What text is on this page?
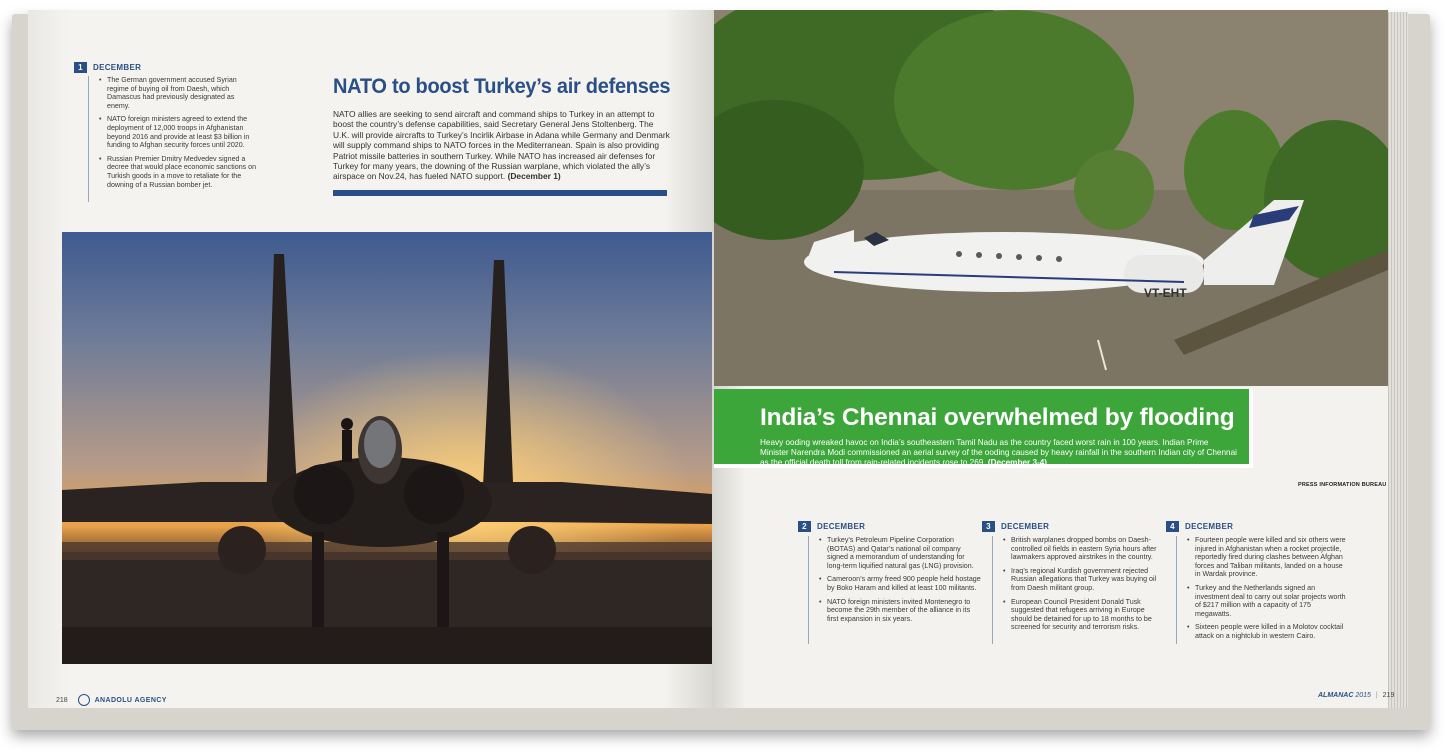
1 DECEMBER
• The German government accused Syrian regime of buying oil from Daesh, which Damascus had previously designated as enemy.
• NATO foreign ministers agreed to extend the deployment of 12,000 troops in Afghanistan beyond 2016 and provide at least $3 billion in funding to Afghan security forces until 2020.
• Russian Premier Dmitry Medvedev signed a decree that would place economic sanctions on Turkish goods in a move to retaliate for the downing of a Russian bomber jet.
NATO to boost Turkey’s air defenses
NATO allies are seeking to send aircraft and command ships to Turkey in an attempt to boost the country’s defense capabilities, said Secretary General Jens Stoltenberg. The U.K. will provide aircrafts to Turkey’s Incirlik Airbase in Adana while Germany and Denmark will supply command ships to NATO forces in the Mediterranean. Spain is also providing Patriot missile batteries in southern Turkey. While NATO has increased air defenses for Turkey for many years, the downing of the Russian warplane, which violated the ally’s airspace on Nov.24, has fueled NATO support. (December 1)
218	ANADOLU AGENCY
VT-EHT
India’s Chennai overwhelmed by flooding
Heavy ooding wreaked havoc on India’s southeastern Tamil Nadu as the country faced worst rain in 100 years. Indian Prime Minister Narendra Modi commissioned an aerial survey of the ooding caused by heavy rainfall in the southern Indian city of Chennai as the official death toll from rain-related incidents rose to 269. (December 3-4)
PRESS INFORMATION BUREAU
2 DECEMBER
• Turkey’s Petroleum Pipeline Corporation (BOTAS) and Qatar’s national oil company signed a memorandum of understanding for long-term liquified natural gas (LNG) provision.
• Cameroon’s army freed 900 people held hostage by Boko Haram and killed at least 100 militants.
• NATO foreign ministers invited Montenegro to become the 29th member of the alliance in its first expansion in six years.
3 DECEMBER
• British warplanes dropped bombs on Daesh-controlled oil fields in eastern Syria hours after lawmakers approved airstrikes in the country.
• Iraq’s regional Kurdish government rejected Russian allegations that Turkey was buying oil from Daesh militant group.
• European Council President Donald Tusk suggested that refugees arriving in Europe should be detained for up to 18 months to be screened for security and terrorism risks.
4 DECEMBER
• Fourteen people were killed and six others were injured in Afghanistan when a rocket projectile, reportedly fired during clashes between Afghan forces and Taliban militants, landed on a house in Wardak province.
• Turkey and the Netherlands signed an investment deal to carry out solar projects worth of $217 million with a capacity of 175 megawatts.
• Sixteen people were killed in a Molotov cocktail attack on a nightclub in western Cairo.
ALMANAC 2015 | 219
